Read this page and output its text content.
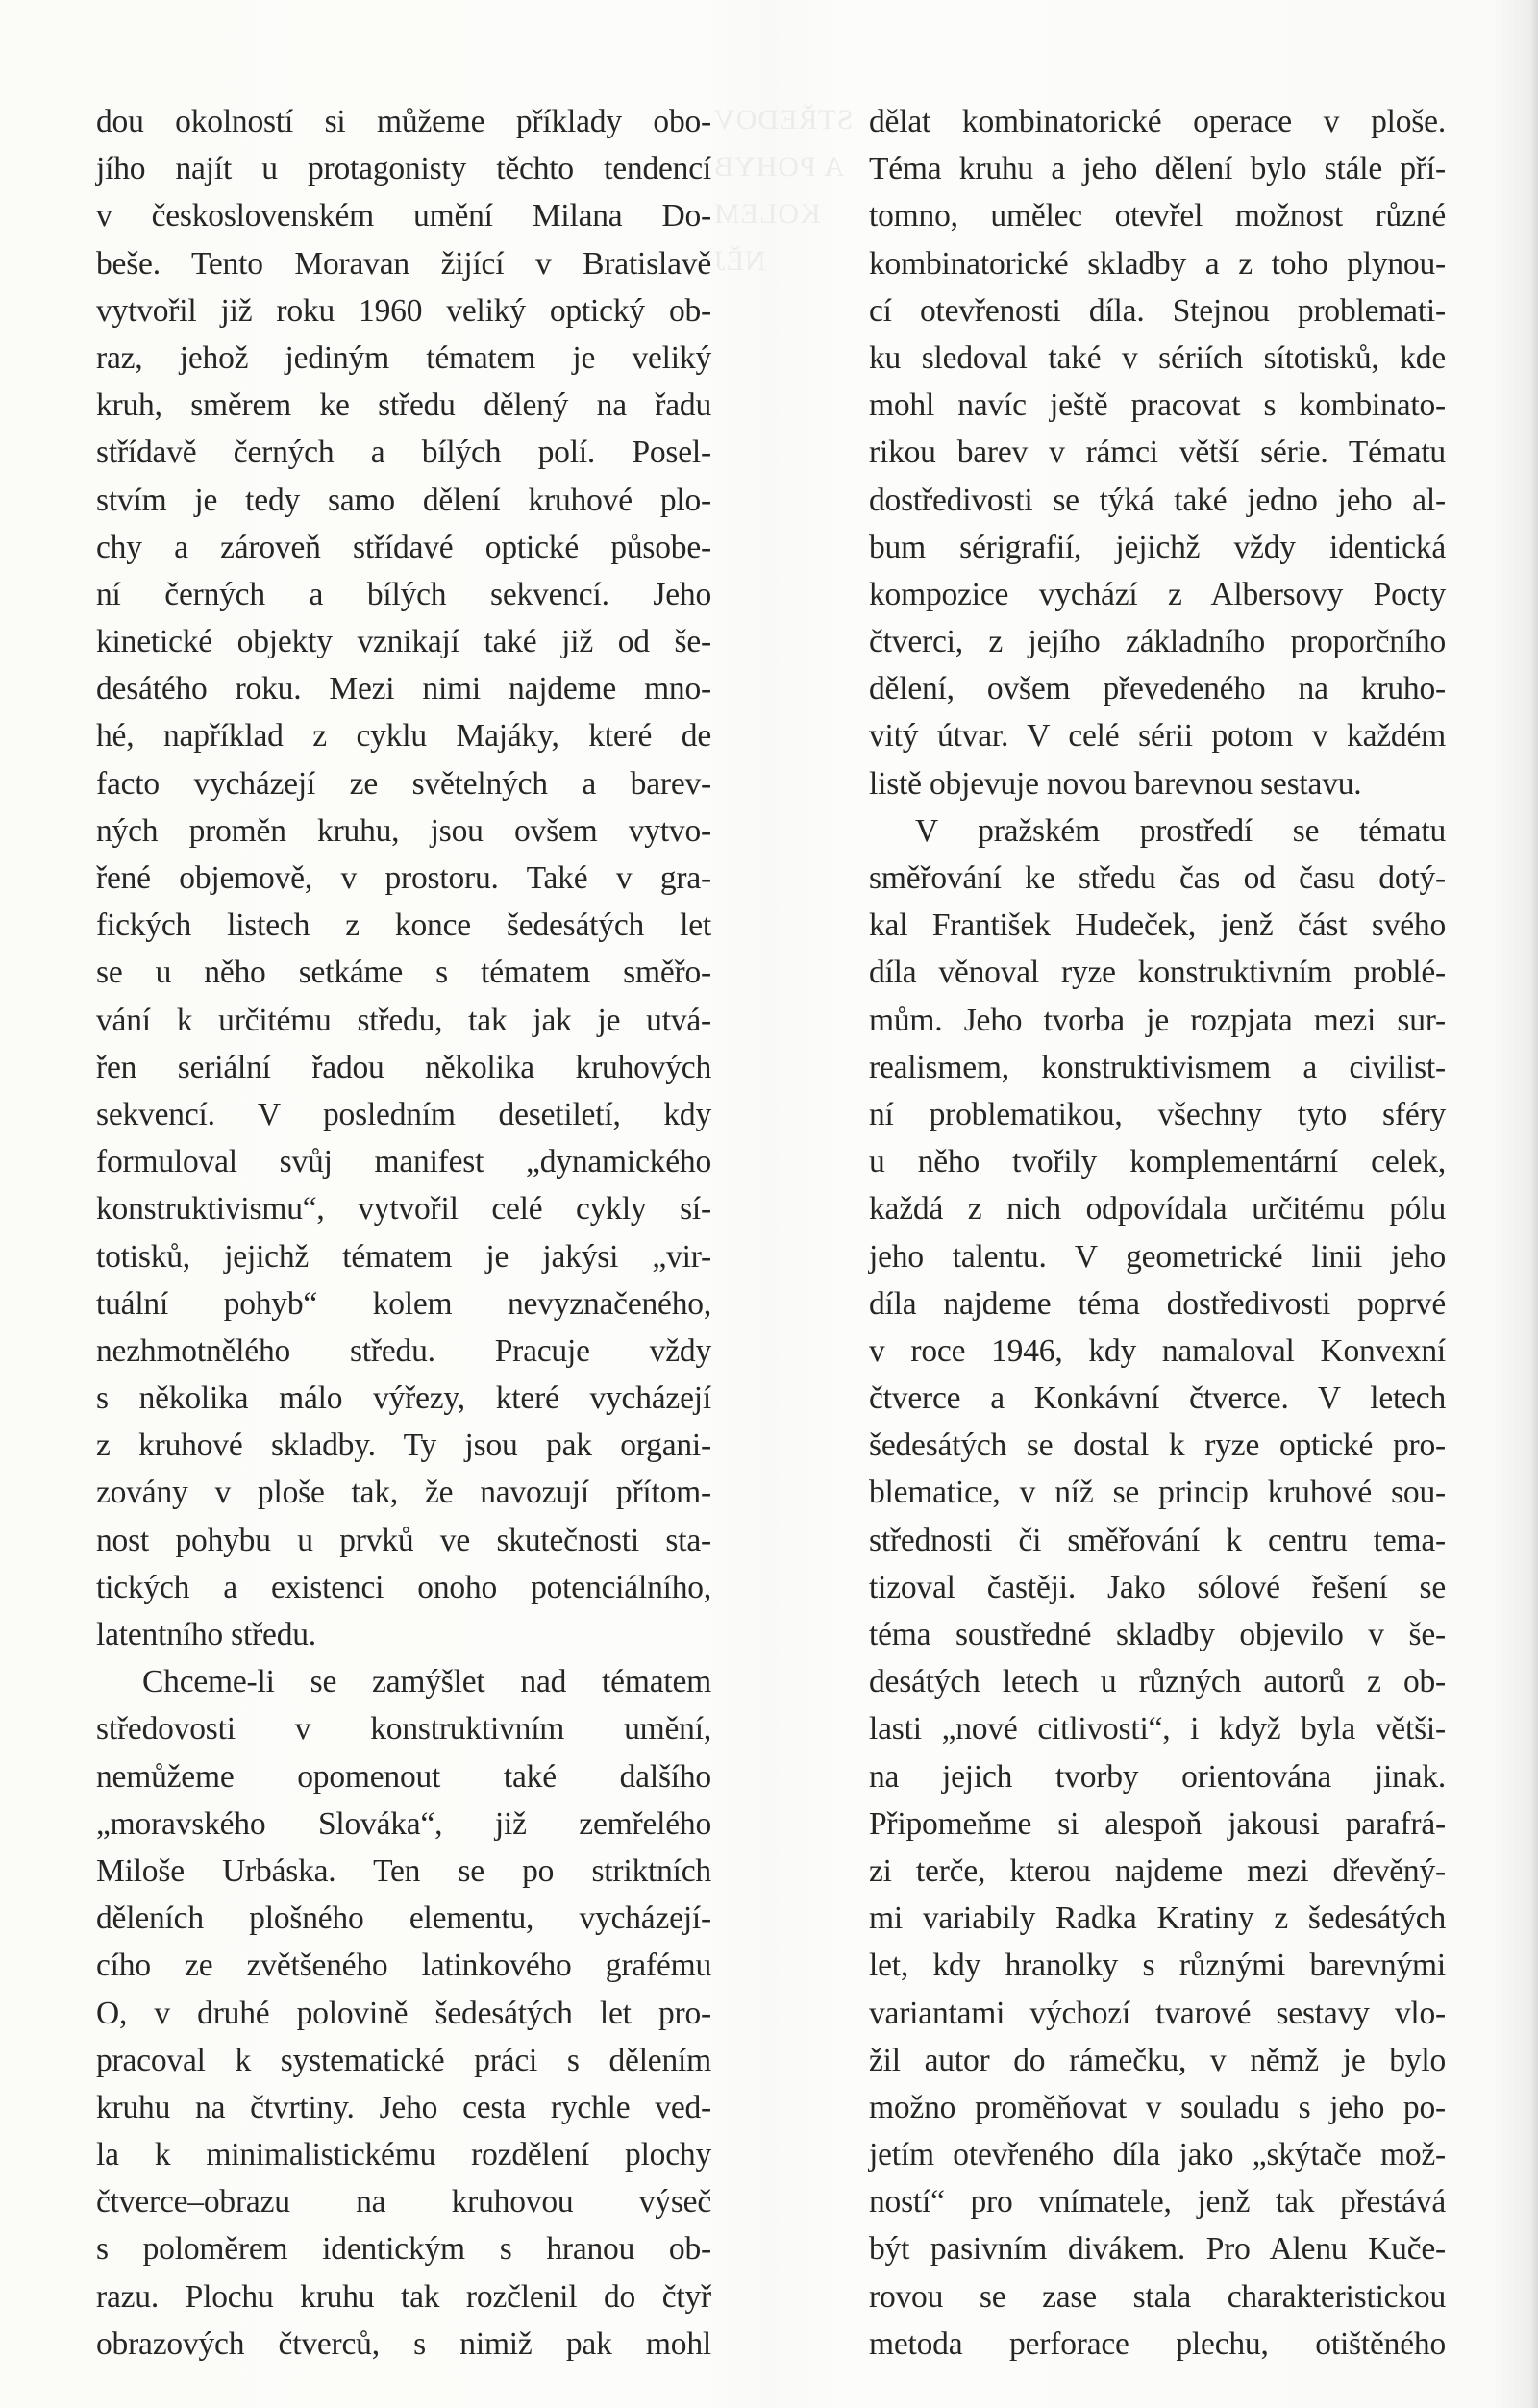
STŘEDOV
A POHYB
KOLEM
NĚJ
dou okolností si můžeme příklady obo-
jího najít u protagonisty těchto tendencí
v československém umění Milana Do-
beše. Tento Moravan žijící v Bratislavě
vytvořil již roku 1960 veliký optický ob-
raz, jehož jediným tématem je veliký
kruh, směrem ke středu dělený na řadu
střídavě černých a bílých polí. Posel-
stvím je tedy samo dělení kruhové plo-
chy a zároveň střídavé optické působe-
ní černých a bílých sekvencí. Jeho
kinetické objekty vznikají také již od še-
desátého roku. Mezi nimi najdeme mno-
hé, například z cyklu Majáky, které de
facto vycházejí ze světelných a barev-
ných proměn kruhu, jsou ovšem vytvo-
řené objemově, v prostoru. Také v gra-
fických listech z konce šedesátých let
se u něho setkáme s tématem směřo-
vání k určitému středu, tak jak je utvá-
řen seriální řadou několika kruhových
sekvencí. V posledním desetiletí, kdy
formuloval svůj manifest „dynamického
konstruktivismu“, vytvořil celé cykly sí-
totisků, jejichž tématem je jakýsi „vir-
tuální pohyb“ kolem nevyznačeného,
nezhmotnělého středu. Pracuje vždy
s několika málo výřezy, které vycházejí
z kruhové skladby. Ty jsou pak organi-
zovány v ploše tak, že navozují přítom-
nost pohybu u prvků ve skutečnosti sta-
tických a existenci onoho potenciálního,
latentního středu.
Chceme-li se zamýšlet nad tématem
středovosti v konstruktivním umění,
nemůžeme opomenout také dalšího
„moravského Slováka“, již zemřelého
Miloše Urbáska. Ten se po striktních
děleních plošného elementu, vycházejí-
cího ze zvětšeného latinkového grafému
O, v druhé polovině šedesátých let pro-
pracoval k systematické práci s dělením
kruhu na čtvrtiny. Jeho cesta rychle ved-
la k minimalistickému rozdělení plochy
čtverce–obrazu na kruhovou výseč
s poloměrem identickým s hranou ob-
razu. Plochu kruhu tak rozčlenil do čtyř
obrazových čtverců, s nimiž pak mohl
dělat kombinatorické operace v ploše.
Téma kruhu a jeho dělení bylo stále pří-
tomno, umělec otevřel možnost různé
kombinatorické skladby a z toho plynou-
cí otevřenosti díla. Stejnou problemati-
ku sledoval také v sériích sítotisků, kde
mohl navíc ještě pracovat s kombinato-
rikou barev v rámci větší série. Tématu
dostředivosti se týká také jedno jeho al-
bum sérigrafií, jejichž vždy identická
kompozice vychází z Albersovy Pocty
čtverci, z jejího základního proporčního
dělení, ovšem převedeného na kruho-
vitý útvar. V celé sérii potom v každém
listě objevuje novou barevnou sestavu.
V pražském prostředí se tématu
směřování ke středu čas od času dotý-
kal František Hudeček, jenž část svého
díla věnoval ryze konstruktivním problé-
mům. Jeho tvorba je rozpjata mezi sur-
realismem, konstruktivismem a civilist-
ní problematikou, všechny tyto sféry
u něho tvořily komplementární celek,
každá z nich odpovídala určitému pólu
jeho talentu. V geometrické linii jeho
díla najdeme téma dostředivosti poprvé
v roce 1946, kdy namaloval Konvexní
čtverce a Konkávní čtverce. V letech
šedesátých se dostal k ryze optické pro-
blematice, v níž se princip kruhové sou-
střednosti či směřování k centru tema-
tizoval častěji. Jako sólové řešení se
téma soustředné skladby objevilo v še-
desátých letech u různých autorů z ob-
lasti „nové citlivosti“, i když byla větši-
na jejich tvorby orientována jinak.
Připomeňme si alespoň jakousi parafrá-
zi terče, kterou najdeme mezi dřevěný-
mi variabily Radka Kratiny z šedesátých
let, kdy hranolky s různými barevnými
variantami výchozí tvarové sestavy vlo-
žil autor do rámečku, v němž je bylo
možno proměňovat v souladu s jeho po-
jetím otevřeného díla jako „skýtače mož-
ností“ pro vnímatele, jenž tak přestává
být pasivním divákem. Pro Alenu Kuče-
rovou se zase stala charakteristickou
metoda perforace plechu, otištěného
